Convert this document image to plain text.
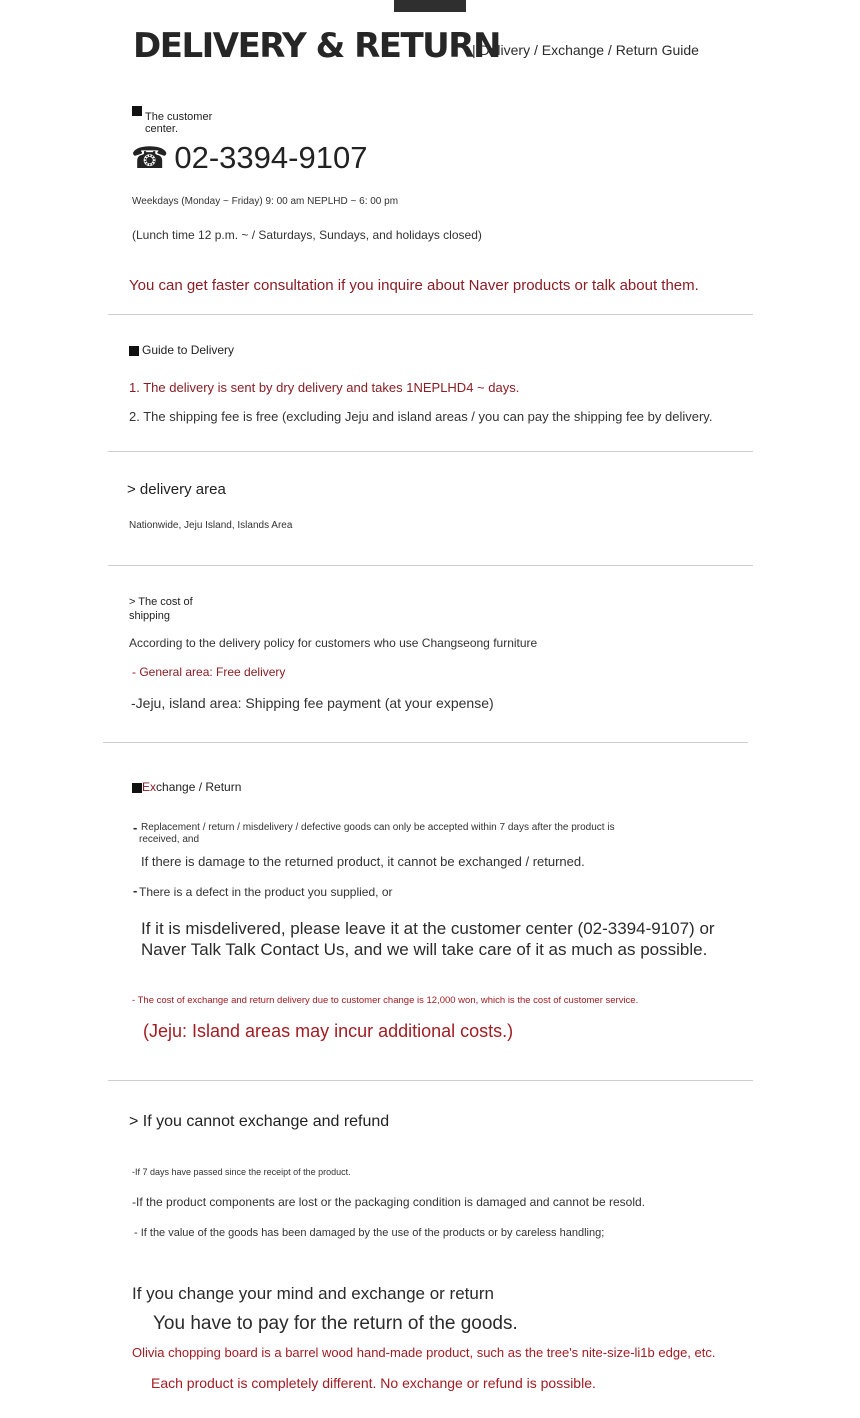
DELIVERY & RETURN
| Delivery / Exchange / Return Guide
The customer
center.
☎ 02-3394-9107
Weekdays (Monday ~ Friday) 9: 00 am NEPLHD ~ 6: 00 pm
(Lunch time 12 p.m. ~ / Saturdays, Sundays, and holidays closed)
You can get faster consultation if you inquire about Naver products or talk about them.
Guide to Delivery
1. The delivery is sent by dry delivery and takes 1NEPLHD4 ~ days.
2. The shipping fee is free (excluding Jeju and island areas / you can pay the shipping fee by delivery.
> delivery area
Nationwide, Jeju Island, Islands Area
> The cost of
shipping
According to the delivery policy for customers who use Changseong furniture
- General area: Free delivery
-Jeju, island area: Shipping fee payment (at your expense)
Exchange / Return
- Replacement / return / misdelivery / defective goods can only be accepted within 7 days after the product is
received, and
If there is damage to the returned product, it cannot be exchanged / returned.
- There is a defect in the product you supplied, or
If it is misdelivered, please leave it at the customer center (02-3394-9107) or
Naver Talk Talk Contact Us, and we will take care of it as much as possible.
- The cost of exchange and return delivery due to customer change is 12,000 won, which is the cost of customer service.
(Jeju: Island areas may incur additional costs.)
> If you cannot exchange and refund
-If 7 days have passed since the receipt of the product.
-If the product components are lost or the packaging condition is damaged and cannot be resold.
- If the value of the goods has been damaged by the use of the products or by careless handling;
If you change your mind and exchange or return
You have to pay for the return of the goods.
Olivia chopping board is a barrel wood hand-made product, such as the tree's nite-size-li1b edge, etc.
Each product is completely different. No exchange or refund is possible.
